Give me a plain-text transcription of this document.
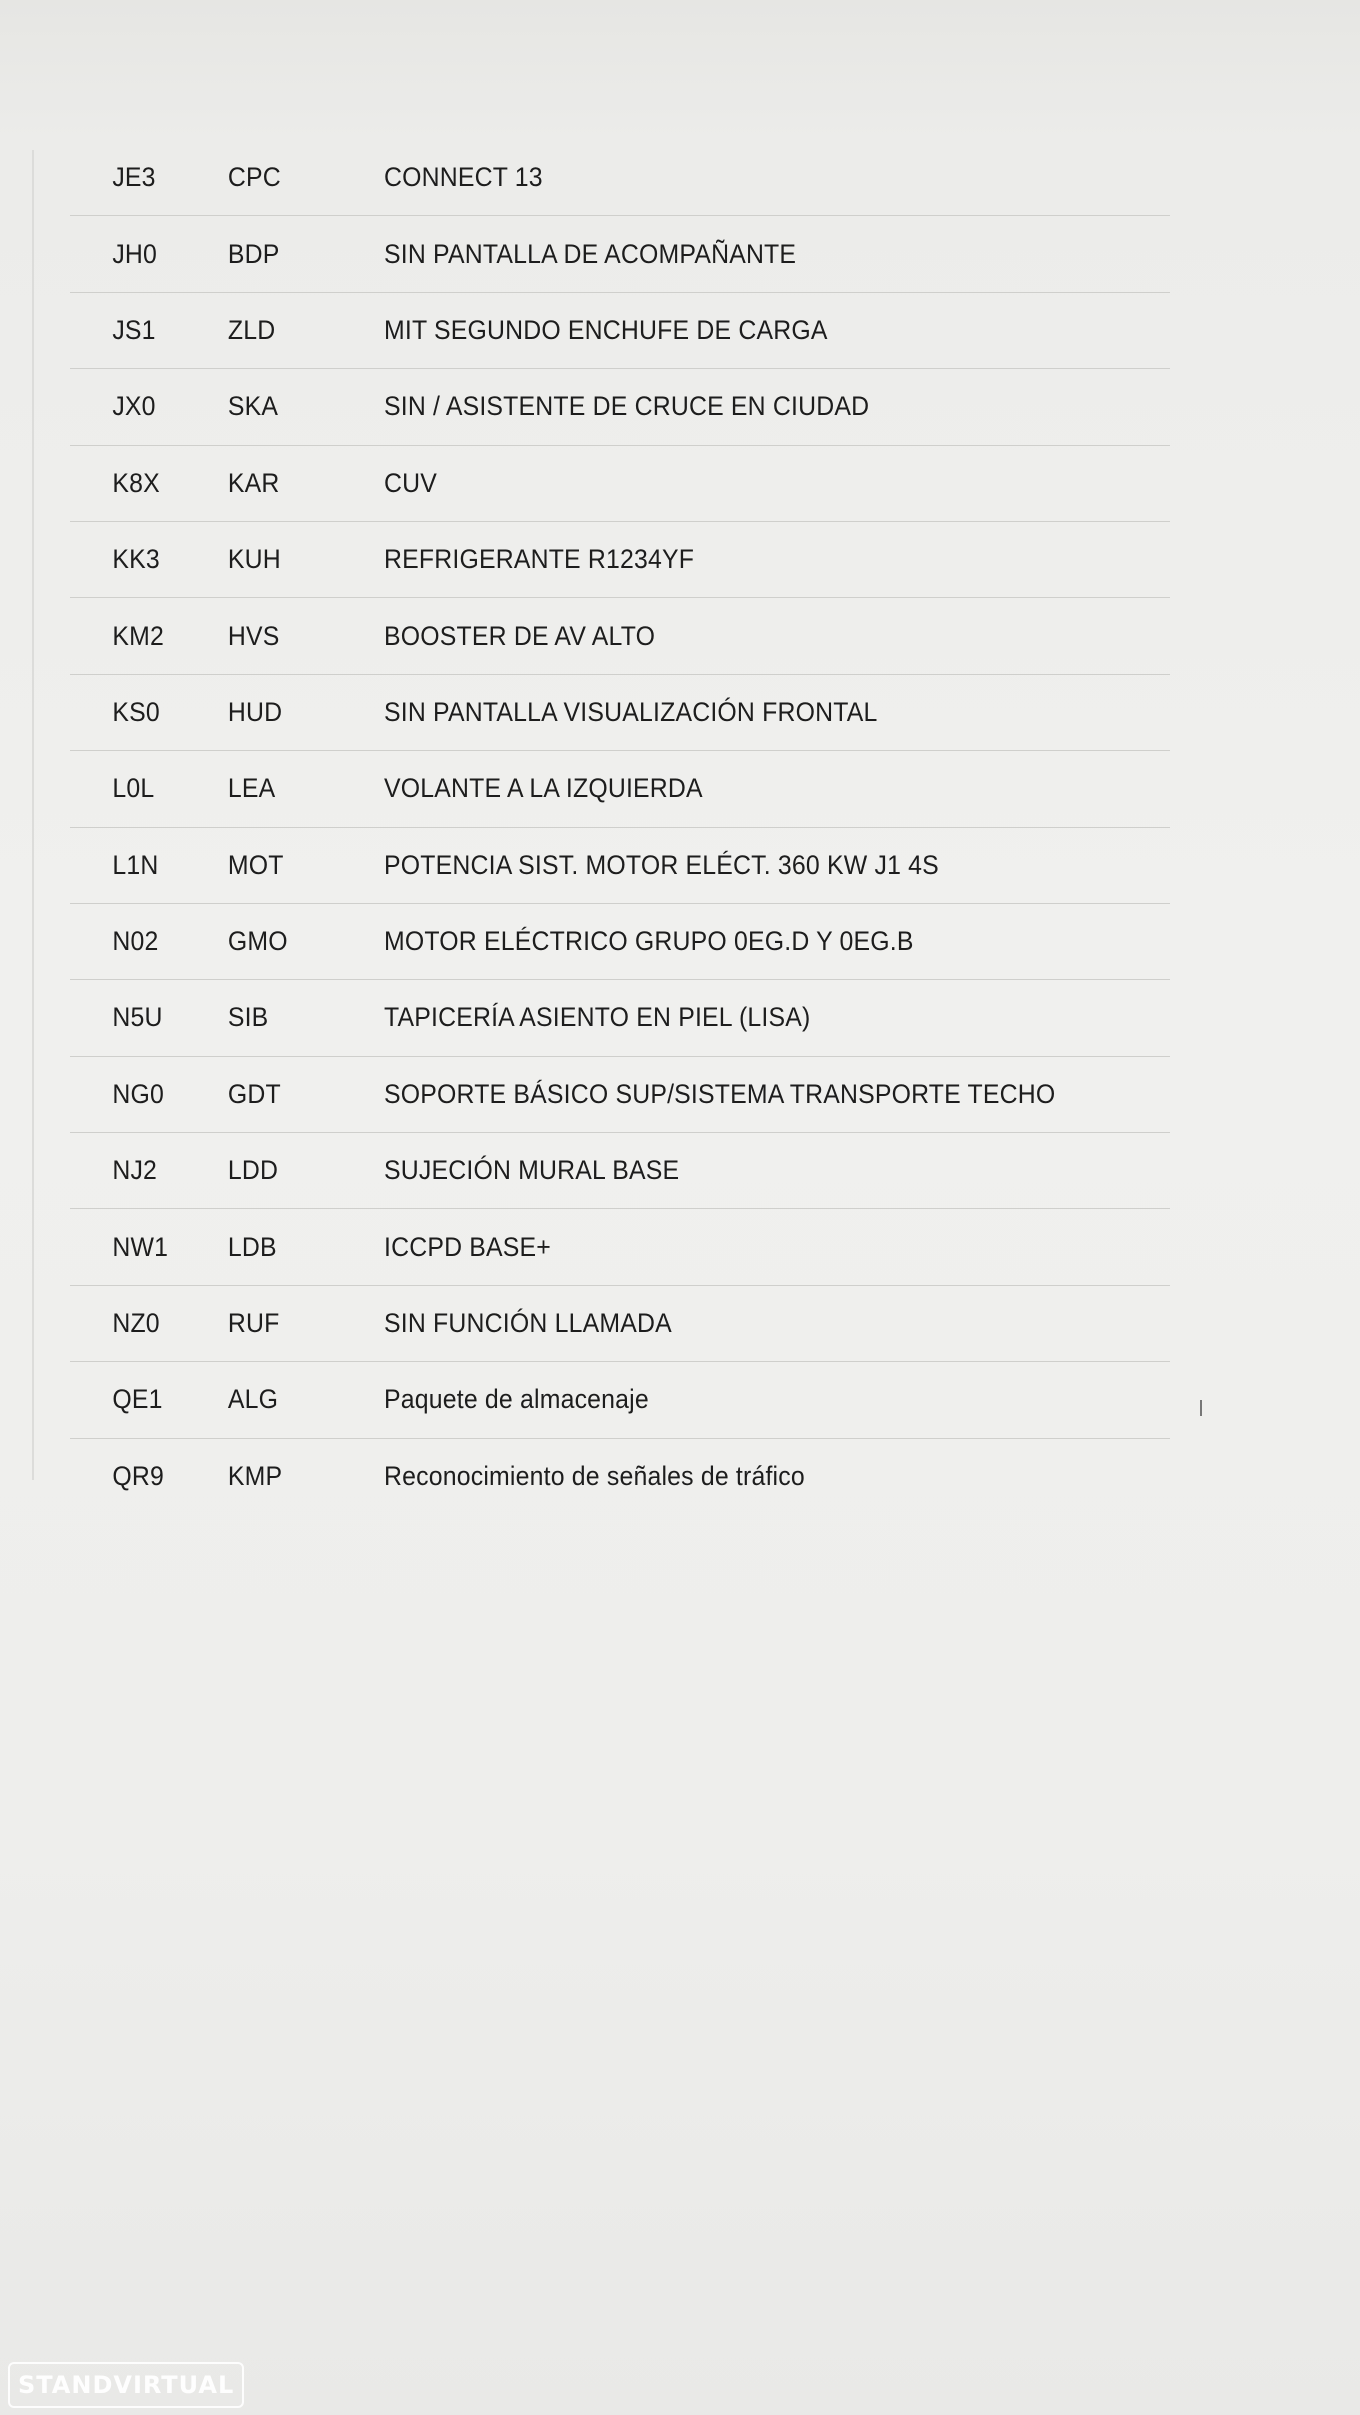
JE3	CPC	CONNECT 13
JH0	BDP	SIN PANTALLA DE ACOMPAÑANTE
JS1	ZLD	MIT SEGUNDO ENCHUFE DE CARGA
JX0	SKA	SIN / ASISTENTE DE CRUCE EN CIUDAD
K8X	KAR	CUV
KK3	KUH	REFRIGERANTE R1234YF
KM2	HVS	BOOSTER DE AV ALTO
KS0	HUD	SIN PANTALLA VISUALIZACIÓN FRONTAL
L0L	LEA	VOLANTE A LA IZQUIERDA
L1N	MOT	POTENCIA SIST. MOTOR ELÉCT. 360 KW J1 4S
N02	GMO	MOTOR ELÉCTRICO GRUPO 0EG.D Y 0EG.B
N5U	SIB	TAPICERÍA ASIENTO EN PIEL (LISA)
NG0	GDT	SOPORTE BÁSICO SUP/SISTEMA TRANSPORTE TECHO
NJ2	LDD	SUJECIÓN MURAL BASE
NW1	LDB	ICCPD BASE+
NZ0	RUF	SIN FUNCIÓN LLAMADA
QE1	ALG	Paquete de almacenaje
QR9	KMP	Reconocimiento de señales de tráfico
STANDVIRTUAL
